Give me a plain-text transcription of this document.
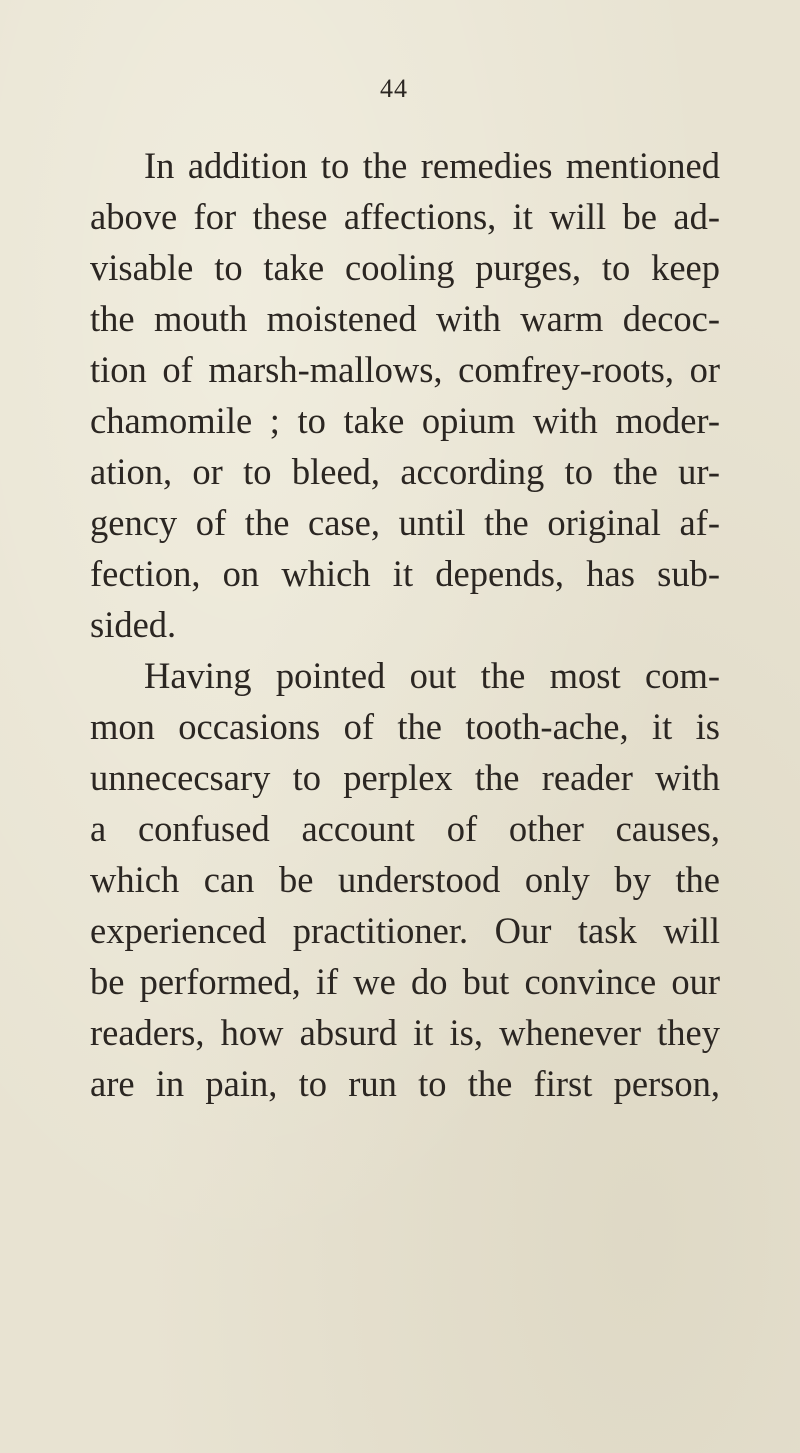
44
In addition to the remedies mentioned
above for these affections, it will be ad-
visable to take cooling purges, to keep
the mouth moistened with warm decoc-
tion of marsh-mallows, comfrey-roots, or
chamomile ; to take opium with moder-
ation, or to bleed, according to the ur-
gency of the case, until the original af-
fection, on which it depends, has sub-
sided.
Having pointed out the most com-
mon occasions of the tooth-ache, it is
unnececsary to perplex the reader with
a confused account of other causes,
which can be understood only by the
experienced practitioner. Our task will
be performed, if we do but convince our
readers, how absurd it is, whenever they
are in pain, to run to the first person,
